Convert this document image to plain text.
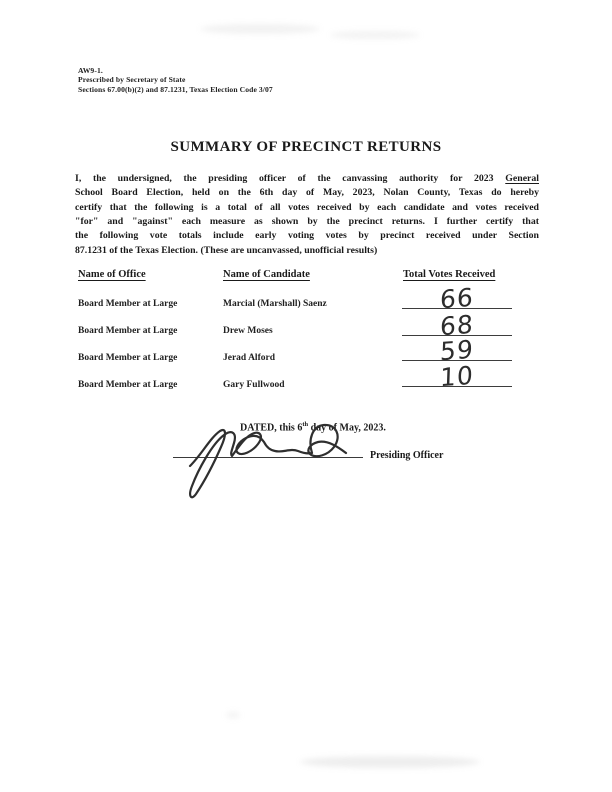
AW9-1.
Prescribed by Secretary of State
Sections 67.00(b)(2) and 87.1231, Texas Election Code 3/07
SUMMARY OF PRECINCT RETURNS
I, the undersigned, the presiding officer of the canvassing authority for 2023 General
School Board Election, held on the 6th day of May, 2023, Nolan County, Texas do hereby
certify that the following is a total of all votes received by each candidate and votes received
"for" and "against" each measure as shown by the precinct returns. I further certify that
the following vote totals include early voting votes by precinct received under Section
87.1231 of the Texas Election. (These are uncanvassed, unofficial results)
Name of Office	Name of Candidate	Total Votes Received
Board Member at Large	Marcial (Marshall) Saenz	66
Board Member at Large	Drew Moses	68
Board Member at Large	Jerad Alford	59
Board Member at Large	Gary Fullwood	10
DATED, this 6th day of May, 2023.
Presiding Officer
